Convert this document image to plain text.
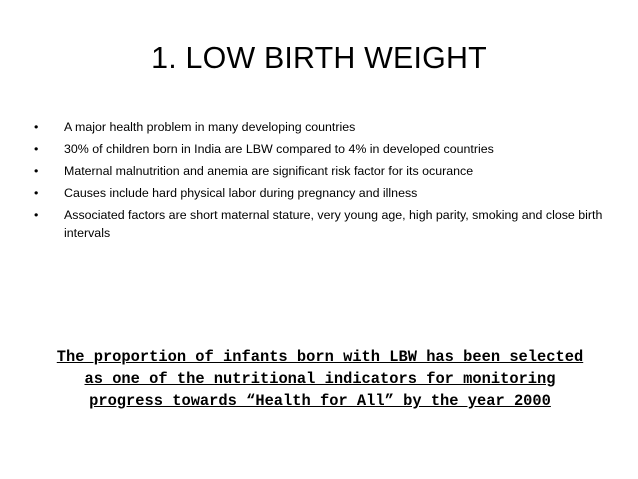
1. LOW BIRTH WEIGHT
•	A major health problem in many developing countries
•	30% of children born in India are LBW compared to 4% in developed countries
•	Maternal malnutrition and anemia are significant risk factor for its ocurance
•	Causes include hard physical labor during pregnancy and illness
•	Associated factors are short maternal stature, very young age, high parity, smoking and close birth intervals
The proportion of infants born with LBW has been selected as one of the nutritional indicators for monitoring progress towards “Health for All” by the year 2000
